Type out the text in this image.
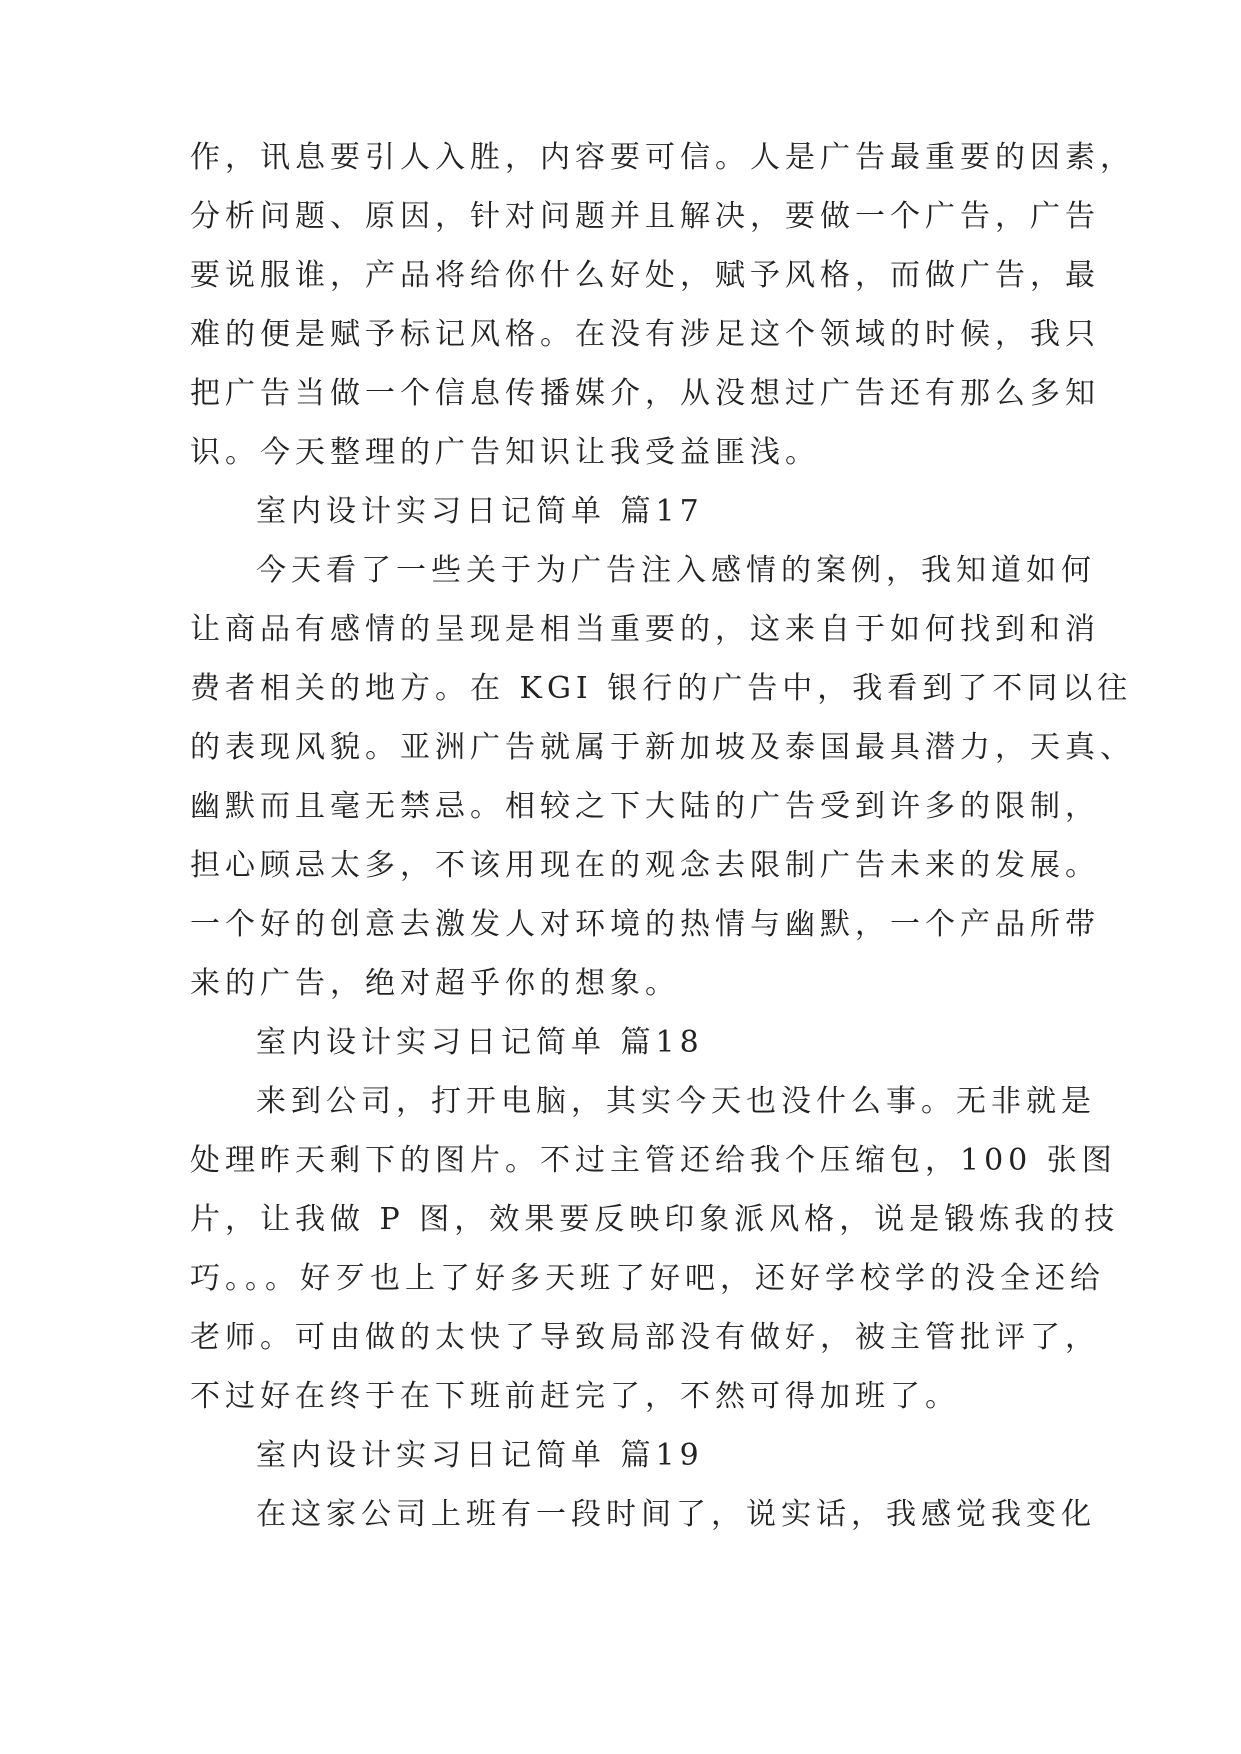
作，讯息要引人入胜，内容要可信。人是广告最重要的因素，
分析问题、原因，针对问题并且解决，要做一个广告，广告
要说服谁，产品将给你什么好处，赋予风格，而做广告，最
难的便是赋予标记风格。在没有涉足这个领域的时候，我只
把广告当做一个信息传播媒介，从没想过广告还有那么多知
识。今天整理的广告知识让我受益匪浅。
室内设计实习日记简单 篇17
今天看了一些关于为广告注入感情的案例，我知道如何
让商品有感情的呈现是相当重要的，这来自于如何找到和消
费者相关的地方。在 KGI 银行的广告中，我看到了不同以往
的表现风貌。亚洲广告就属于新加坡及泰国最具潜力，天真、
幽默而且毫无禁忌。相较之下大陆的广告受到许多的限制，
担心顾忌太多，不该用现在的观念去限制广告未来的发展。
一个好的创意去激发人对环境的热情与幽默，一个产品所带
来的广告，绝对超乎你的想象。
室内设计实习日记简单 篇18
来到公司，打开电脑，其实今天也没什么事。无非就是
处理昨天剩下的图片。不过主管还给我个压缩包，100 张图
片，让我做 P 图，效果要反映印象派风格，说是锻炼我的技
巧。。。好歹也上了好多天班了好吧，还好学校学的没全还给
老师。可由做的太快了导致局部没有做好，被主管批评了，
不过好在终于在下班前赶完了，不然可得加班了。
室内设计实习日记简单 篇19
在这家公司上班有一段时间了，说实话，我感觉我变化
